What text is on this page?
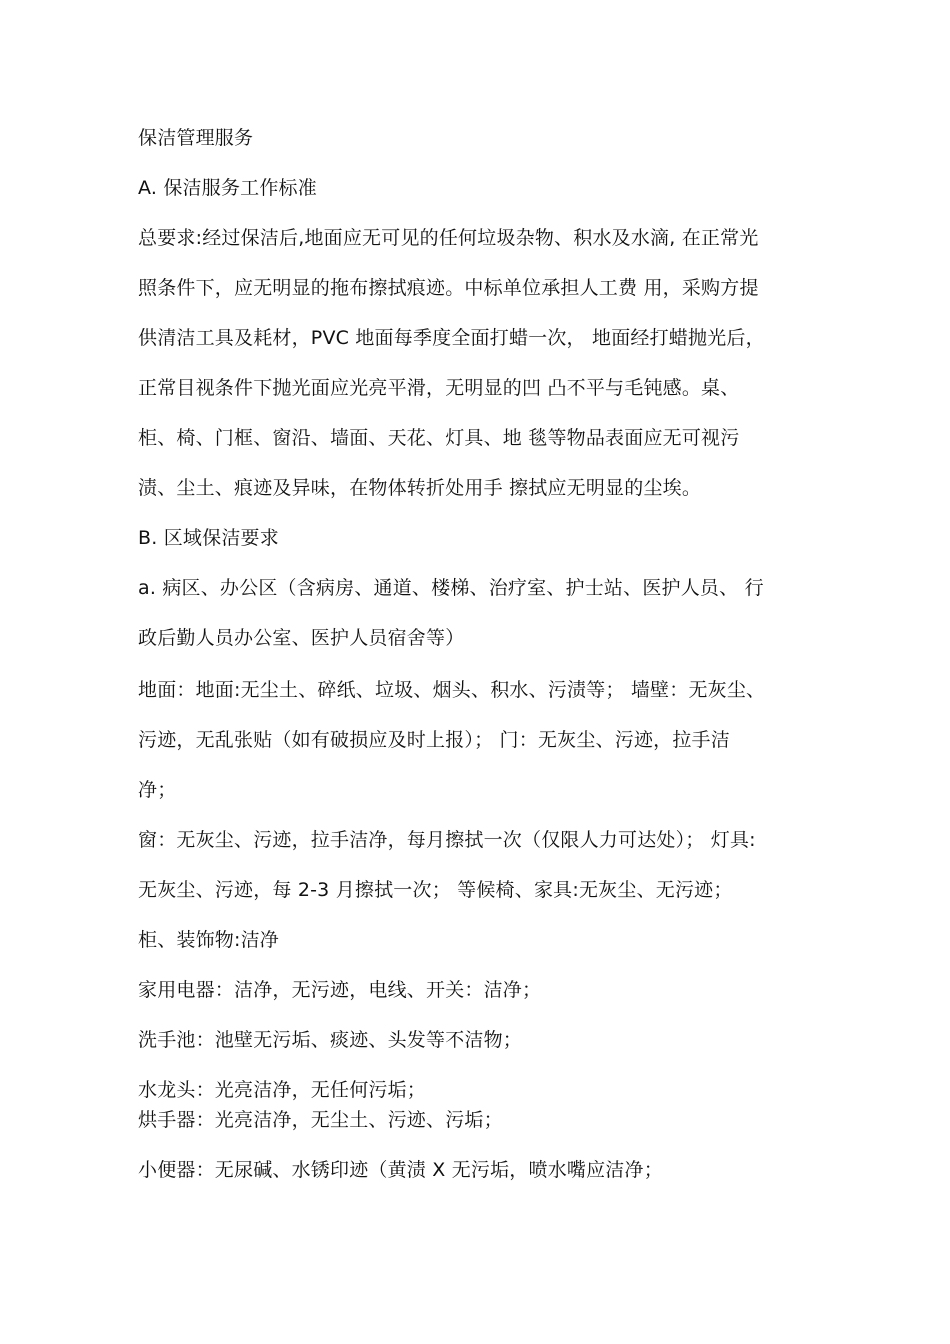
保洁管理服务
A. 保洁服务工作标准
总要求:经过保洁后,地面应无可见的任何垃圾杂物、积水及水滴, 在正常光
照条件下，应无明显的拖布擦拭痕迹。中标单位承担人工费 用，采购方提
供清洁工具及耗材，PVC 地面每季度全面打蜡一次， 地面经打蜡抛光后，
正常目视条件下抛光面应光亮平滑，无明显的凹 凸不平与毛钝感。桌、
柜、椅、门框、窗沿、墙面、天花、灯具、地 毯等物品表面应无可视污
渍、尘土、痕迹及异味，在物体转折处用手 擦拭应无明显的尘埃。
B. 区域保洁要求
a. 病区、办公区（含病房、通道、楼梯、治疗室、护士站、医护人员、 行
政后勤人员办公室、医护人员宿舍等）
地面：地面:无尘土、碎纸、垃圾、烟头、积水、污渍等； 墙壁：无灰尘、
污迹，无乱张贴（如有破损应及时上报）； 门：无灰尘、污迹，拉手洁
净；
窗：无灰尘、污迹，拉手洁净，每月擦拭一次（仅限人力可达处）； 灯具:
无灰尘、污迹，每 2-3 月擦拭一次； 等候椅、家具:无灰尘、无污迹；
柜、装饰物:洁净
家用电器：洁净，无污迹，电线、开关：洁净；
洗手池：池壁无污垢、痰迹、头发等不洁物；
水龙头：光亮洁净，无任何污垢；
烘手器：光亮洁净，无尘土、污迹、污垢；
小便器：无尿碱、水锈印迹（黄渍 X 无污垢，喷水嘴应洁净；
